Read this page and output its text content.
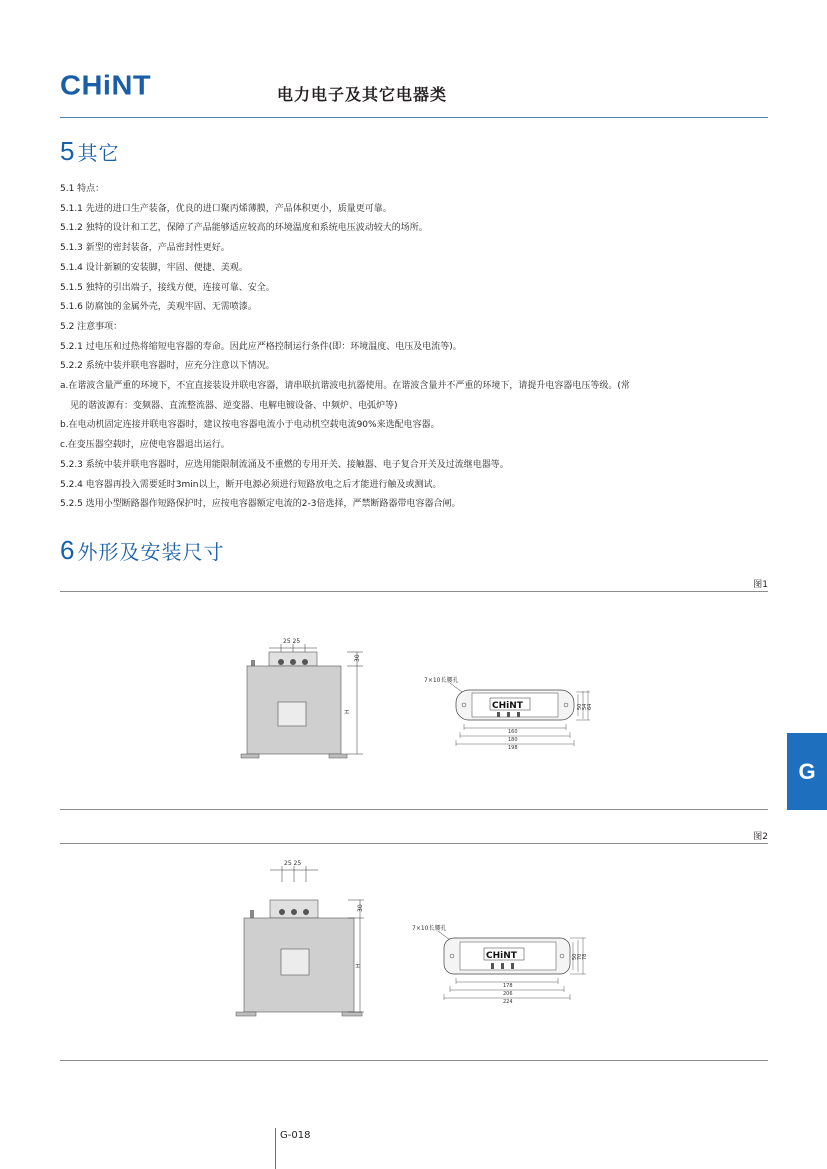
CHiNT	电力电子及其它电器类
5 其它

5.1 特点：

5.1.1 先进的进口生产装备，优良的进口聚丙烯薄膜，产品体积更小，质量更可靠。

5.1.2 独特的设计和工艺，保障了产品能够适应较高的环境温度和系统电压波动较大的场所。

5.1.3 新型的密封装备，产品密封性更好。

5.1.4 设计新颖的安装脚，牢固、便捷、美观。

5.1.5 独特的引出端子，接线方便，连接可靠、安全。

5.1.6 防腐蚀的金属外壳，美观牢固、无需喷漆。

5.2 注意事项：

5.2.1 过电压和过热将缩短电容器的寿命。因此应严格控制运行条件(即：环境温度、电压及电流等)。

5.2.2 系统中装并联电容器时，应充分注意以下情况。

a.在谐波含量严重的环境下，不宜直接装设并联电容器，请串联抗谐波电抗器使用。在谐波含量并不严重的环境下，请提升电容器电压等级。(常

见的谐波源有：变频器、直流整流器、逆变器、电解电镀设备、中频炉、电弧炉等)

b.在电动机固定连接并联电容器时，建议按电容器电流小于电动机空载电流90%来选配电容器。

c.在变压器空载时，应使电容器退出运行。

5.2.3 系统中装并联电容器时，应选用能限制流涌及不重燃的专用开关、接触器、电子复合开关及过流继电器等。

5.2.4 电容器再投入需要延时3min以上，断开电源必须进行短路放电之后才能进行触及或测试。

5.2.5 选用小型断路器作短路保护时，应按电容器额定电流的2-3倍选择，严禁断路器带电容器合闸。

6 外形及安装尺寸
图1
25 25
30
H
7×10长腰孔
CHiNT
160
180
198
50 54 64
G
图2
25 25
30
H
7×10长腰孔
CHiNT
178
206
224
50 70 78
G-018
